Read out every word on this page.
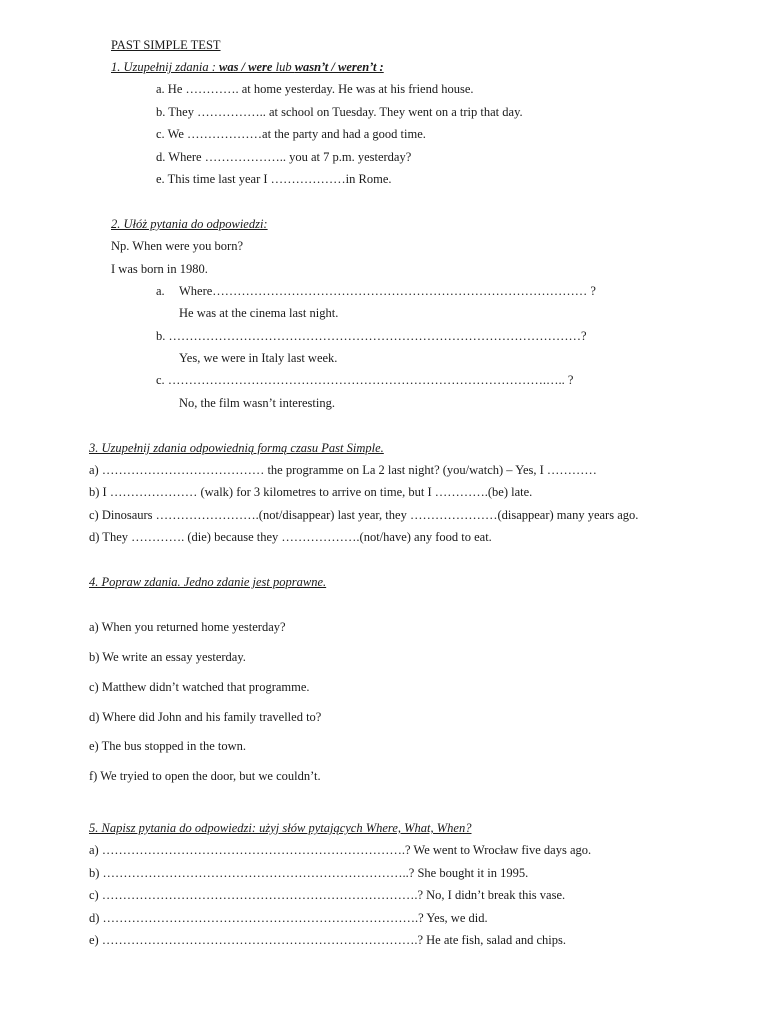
PAST SIMPLE TEST
1. Uzupełnij zdania : was / were lub wasn’t / weren’t :
a. He …………. at home yesterday. He was at his friend house.
b. They …………….. at school on Tuesday. They went on a trip that day.
c. We ………………at the party and had a good time.
d. Where ……………….. you at 7 p.m. yesterday?
e. This time last year I ………………in Rome.
2. Ułóż pytania do odpowiedzi:
Np. When were you born?
I was born in 1980.
a. Where……………………………………………………………………………… ?
He was at the cinema last night.
b. ………………………………………………………………………………………?
Yes, we were in Italy last week.
c. ……………………………………………………………………………….….. ?
No, the film wasn’t interesting.
3. Uzupełnij zdania odpowiednią formą czasu Past Simple.
a) ………………………………… the programme on La 2 last night? (you/watch) – Yes, I …………
b) I ………………… (walk) for 3 kilometres to arrive on time, but I ………….(be) late.
c) Dinosaurs …………………….(not/disappear) last year, they …………………(disappear) many years ago.
d) They …………. (die) because they ……………….(not/have) any food to eat.
4. Popraw zdania. Jedno zdanie jest poprawne.
a) When you returned home yesterday?
b) We write an essay yesterday.
c) Matthew didn’t watched that programme.
d) Where did John and his family travelled to?
e) The bus stopped in the town.
f) We tryied to open the door, but we couldn’t.
5. Napisz pytania do odpowiedzi: użyj słów pytających Where, What, When?
a) ……………………………………………………………….? We went to Wrocław five days ago.
b) ………………………………………………………………..? She bought it in 1995.
c) ………………………………………………………………….? No, I didn’t break this vase.
d) ………………………………………………………………….? Yes, we did.
e) ………………………………………………………………….? He ate fish, salad and chips.
